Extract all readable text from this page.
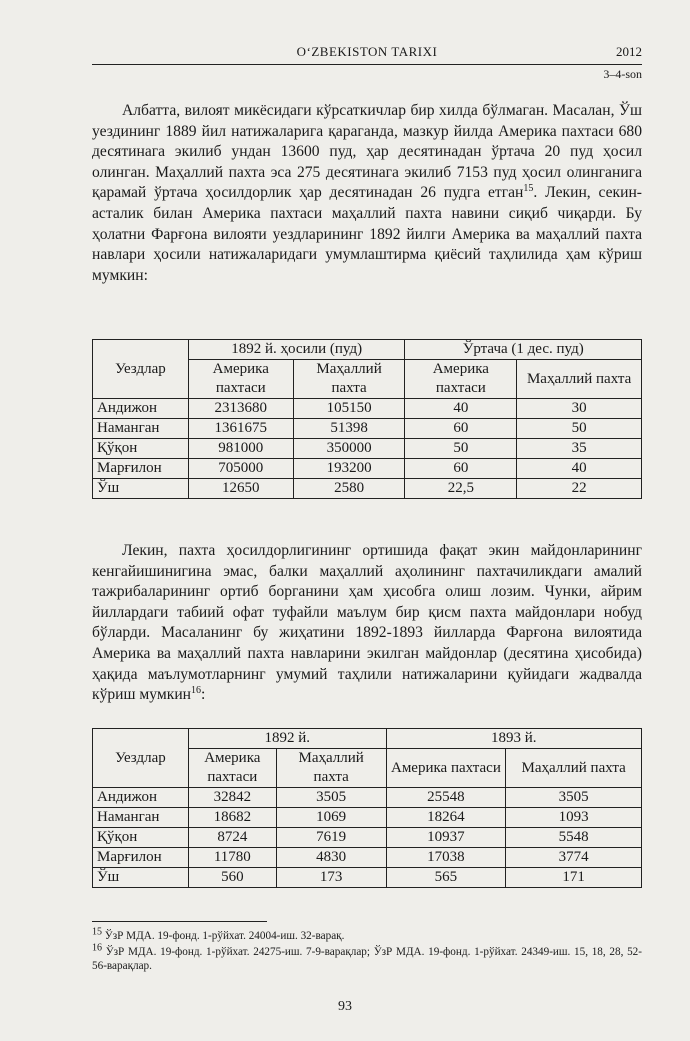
O‘ZBEKISTON TARIXI	2012
3–4-son

Албатта, вилоят микёсидаги кўрсаткичлар бир хилда бўлмаган. Масалан, Ўш уездининг 1889 йил натижаларига қараганда, мазкур йилда Америка пахтаси 680 десятинага экилиб ундан 13600 пуд, ҳар десятинадан ўртача 20 пуд ҳосил олинган. Маҳаллий пахта эса 275 десятинага экилиб 7153 пуд ҳосил олинганига қарамай ўртача ҳосилдорлик ҳар десятинадан 26 пудга етган$^{15}$. Лекин, секин-асталик билан Америка пахтаси маҳаллий пахта навини сиқиб чиқарди. Бу ҳолатни Фарғона вилояти уездларининг 1892 йилги Америка ва маҳаллий пахта навлари ҳосили натижаларидаги умумлаштирма қиёсий таҳлилида ҳам кўриш мумкин:

Уездлар	1892 й. ҳосили (пуд)		Ўртача (1 дес. пуд)	
	Америка пахтаси	Маҳаллий пахта	Америка пахтаси	Маҳаллий пахта
Андижон	2313680	105150	40	30
Наманган	1361675	51398	60	50
Қўқон	981000	350000	50	35
Марғилон	705000	193200	60	40
Ўш	12650	2580	22,5	22

Лекин, пахта ҳосилдорлигининг ортишида фақат экин майдонларининг кенгайишинигина эмас, балки маҳаллий аҳолининг пахтачиликдаги амалий тажрибаларининг ортиб борганини ҳам ҳисобга олиш лозим. Чунки, айрим йиллардаги табиий офат туфайли маълум бир қисм пахта майдонлари нобуд бўларди. Масаланинг бу жиҳатини 1892-1893 йилларда Фарғона вилоятида Америка ва маҳаллий пахта навларини экилган майдонлар (десятина ҳисобида) ҳақида маълумотларнинг умумий таҳлили натижаларини қуйидаги жадвалда кўриш мумкин$^{16}$:

Уездлар	1892 й.		1893 й.	
	Америка пахтаси	Маҳаллий пахта	Америка пахтаси	Маҳаллий пахта
Андижон	32842	3505	25548	3505
Наманган	18682	1069	18264	1093
Қўқон	8724	7619	10937	5548
Марғилон	11780	4830	17038	3774
Ўш	560	173	565	171

$^{15}$ ЎзР МДА. 19-фонд. 1-рўйхат. 24004-иш. 32-варақ.

$^{16}$ ЎзР МДА. 19-фонд. 1-рўйхат. 24275-иш. 7-9-варақлар; ЎзР МДА. 19-фонд. 1-рўйхат. 24349-иш. 15, 18, 28, 52-56-варақлар.

93
